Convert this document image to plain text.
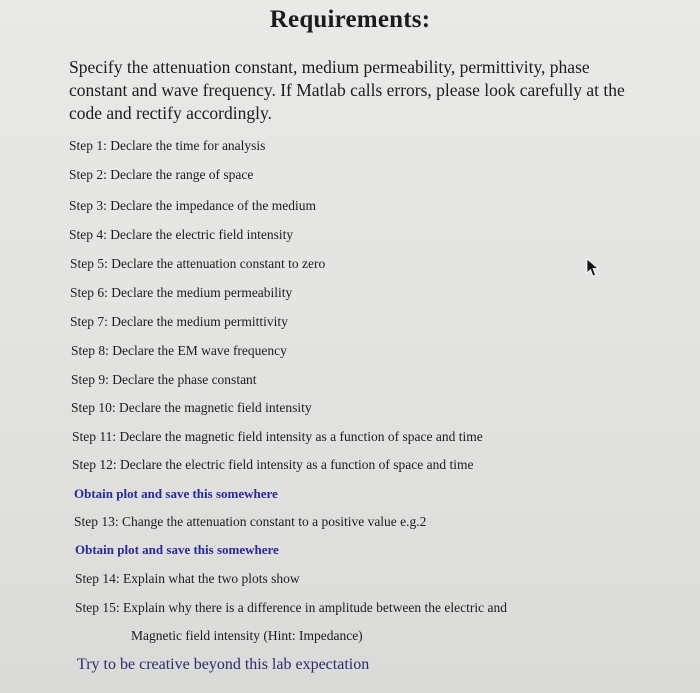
Requirements:

Specify the attenuation constant, medium permeability, permittivity, phase

constant and wave frequency. If Matlab calls errors, please look carefully at the

code and rectify accordingly.

Step 1: Declare the time for analysis
Step 2: Declare the range of space
Step 3: Declare the impedance of the medium
Step 4: Declare the electric field intensity
Step 5: Declare the attenuation constant to zero
Step 6: Declare the medium permeability
Step 7: Declare the medium permittivity
Step 8: Declare the EM wave frequency
Step 9: Declare the phase constant
Step 10: Declare the magnetic field intensity
Step 11: Declare the magnetic field intensity as a function of space and time
Step 12: Declare the electric field intensity as a function of space and time
Obtain plot and save this somewhere
Step 13: Change the attenuation constant to a positive value e.g.2
Obtain plot and save this somewhere
Step 14: Explain what the two plots show
Step 15: Explain why there is a difference in amplitude between the electric and
Magnetic field intensity (Hint: Impedance)
Try to be creative beyond this lab expectation
